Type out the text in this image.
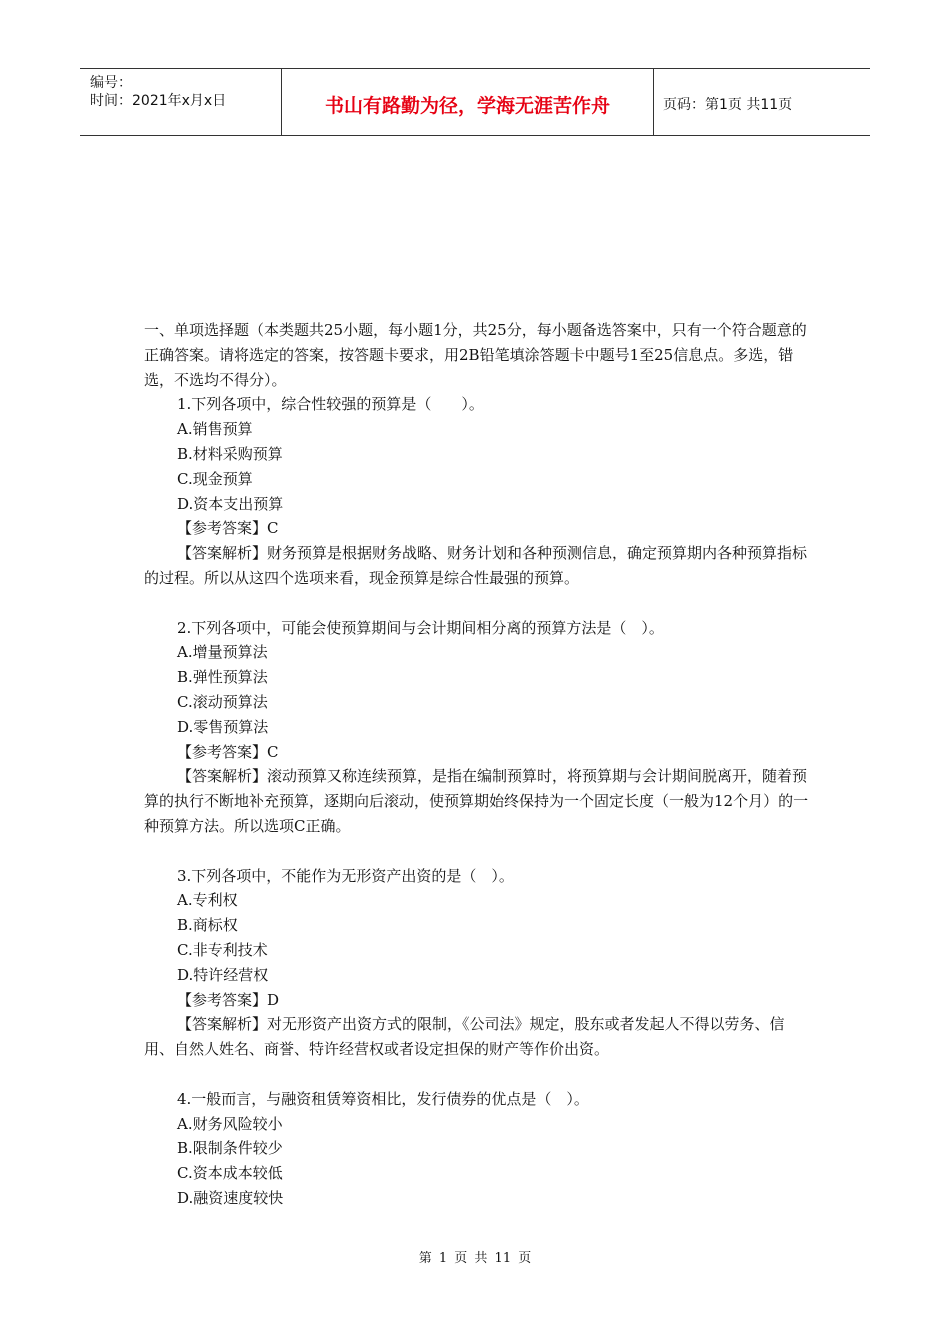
编号：
时间：2021年x月x日	书山有路勤为径，学海无涯苦作舟	页码：第1页 共11页

一、单项选择题（本类题共25小题，每小题1分，共25分，每小题备选答案中，只有一个符合题意的正确答案。请将选定的答案，按答题卡要求，用2B铅笔填涂答题卡中题号1至25信息点。多选，错选，不选均不得分）。

1.下列各项中，综合性较强的预算是（　　）。

A.销售预算

B.材料采购预算

C.现金预算

D.资本支出预算

【参考答案】C

【答案解析】财务预算是根据财务战略、财务计划和各种预测信息，确定预算期内各种预算指标的过程。所以从这四个选项来看，现金预算是综合性最强的预算。

2.下列各项中，可能会使预算期间与会计期间相分离的预算方法是（　）。

A.增量预算法

B.弹性预算法

C.滚动预算法

D.零售预算法

【参考答案】C

【答案解析】滚动预算又称连续预算，是指在编制预算时，将预算期与会计期间脱离开，随着预算的执行不断地补充预算，逐期向后滚动，使预算期始终保持为一个固定长度（一般为12个月）的一种预算方法。所以选项C正确。

3.下列各项中，不能作为无形资产出资的是（　）。

A.专利权

B.商标权

C.非专利技术

D.特许经营权

【参考答案】D

【答案解析】对无形资产出资方式的限制，《公司法》规定，股东或者发起人不得以劳务、信用、自然人姓名、商誉、特许经营权或者设定担保的财产等作价出资。

4.一般而言，与融资租赁筹资相比，发行债券的优点是（　）。

A.财务风险较小

B.限制条件较少

C.资本成本较低

D.融资速度较快

第 1 页 共 11 页
